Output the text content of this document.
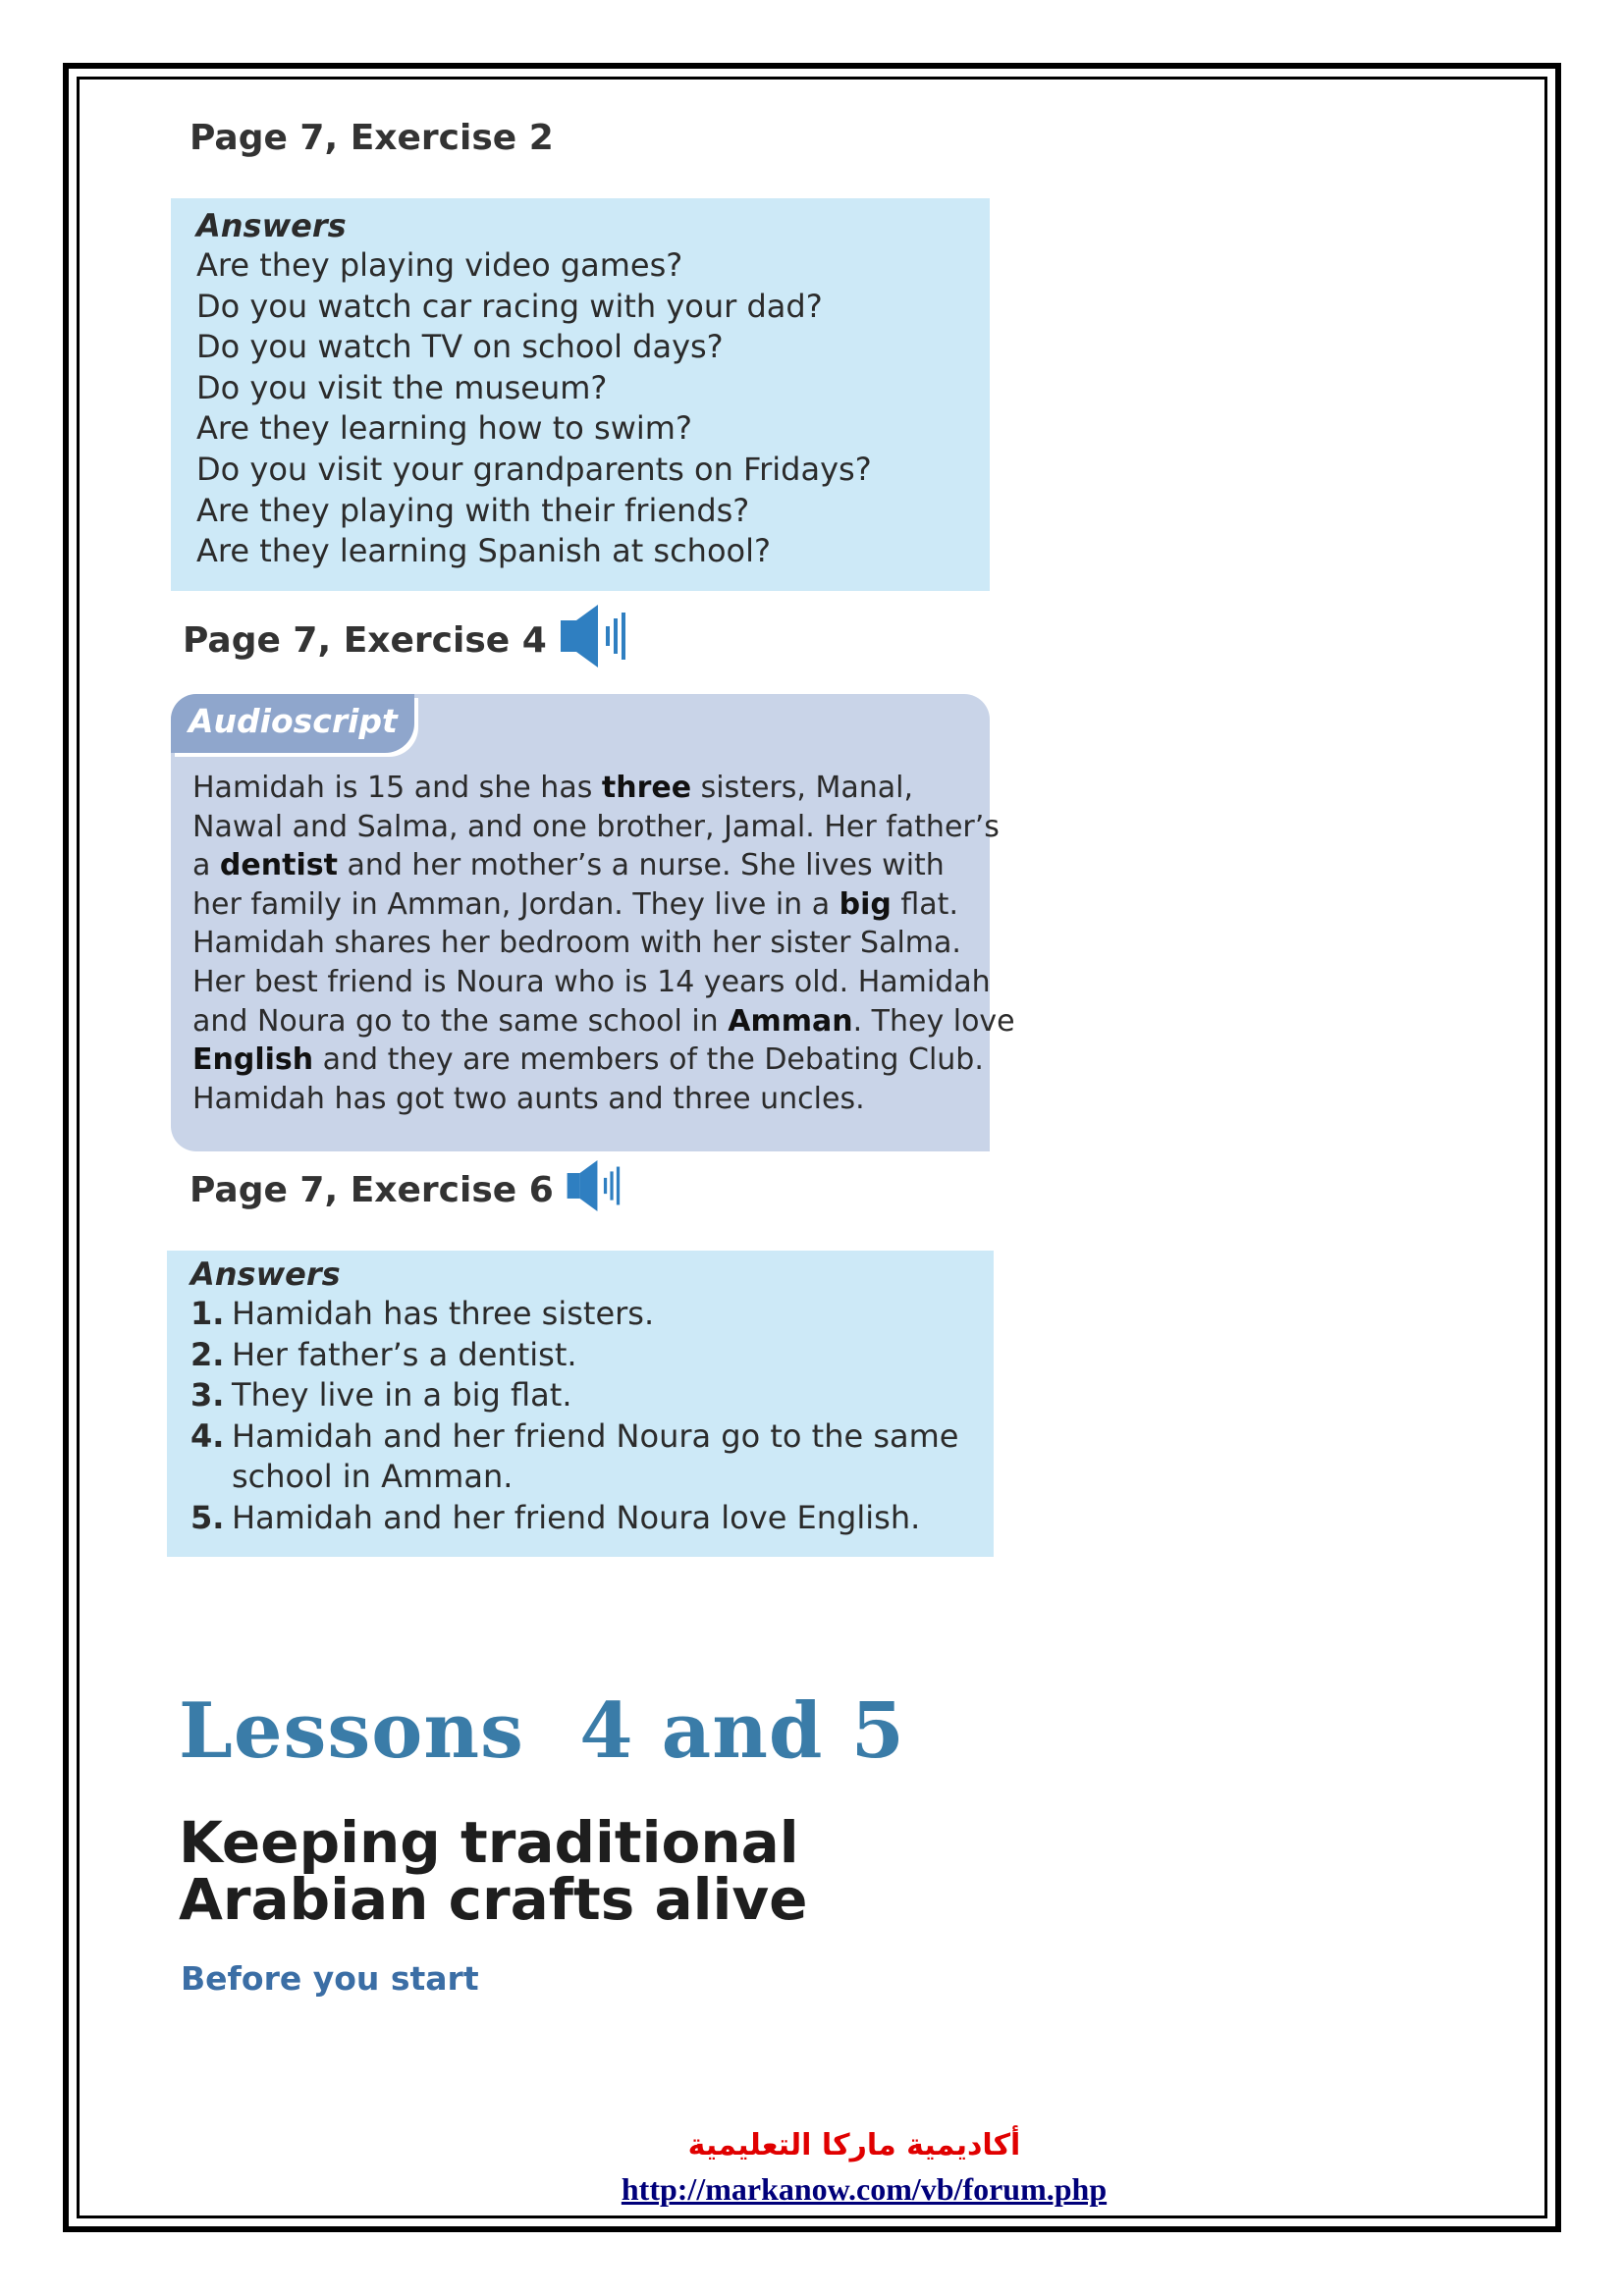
Page 7, Exercise 2
Answers
Are they playing video games?
Do you watch car racing with your dad?
Do you watch TV on school days?
Do you visit the museum?
Are they learning how to swim?
Do you visit your grandparents on Fridays?
Are they playing with their friends?
Are they learning Spanish at school?
Page 7, Exercise 4
Audioscript
Hamidah is 15 and she has three sisters, Manal,
Nawal and Salma, and one brother, Jamal. Her father’s
a dentist and her mother’s a nurse. She lives with
her family in Amman, Jordan. They live in a big flat.
Hamidah shares her bedroom with her sister Salma.
Her best friend is Noura who is 14 years old. Hamidah
and Noura go to the same school in Amman. They love
English and they are members of the Debating Club.
Hamidah has got two aunts and three uncles.
Page 7, Exercise 6
Answers
1. Hamidah has three sisters.
2. Her father’s a dentist.
3. They live in a big flat.
4. Hamidah and her friend Noura go to the same
school in Amman.
5. Hamidah and her friend Noura love English.
Lessons  4 and 5
Keeping traditional
Arabian crafts alive
Before you start
أكاديمية ماركا التعليمية
http://markanow.com/vb/forum.php
